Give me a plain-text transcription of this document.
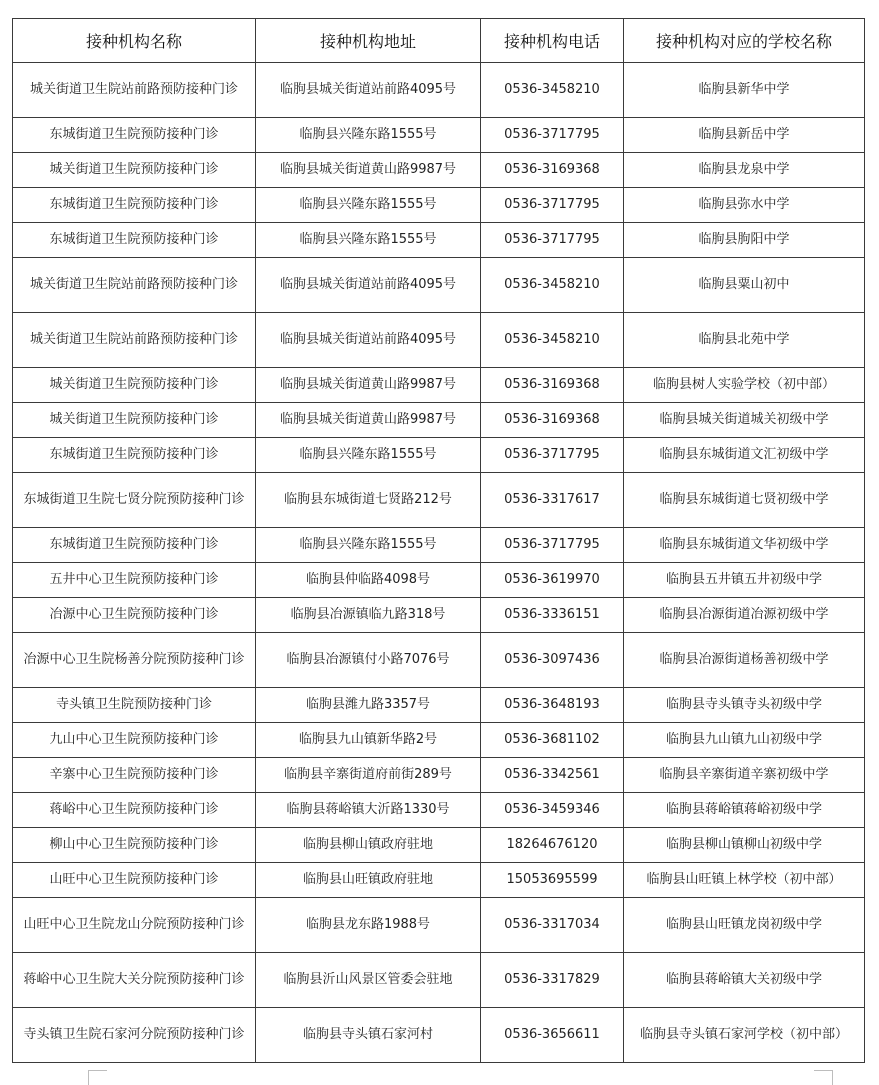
接种机构名称	接种机构地址	接种机构电话	接种机构对应的学校名称
城关街道卫生院站前路预防接种门诊	临朐县城关街道站前路4095号	0536-3458210	临朐县新华中学
东城街道卫生院预防接种门诊	临朐县兴隆东路1555号	0536-3717795	临朐县新岳中学
城关街道卫生院预防接种门诊	临朐县城关街道黄山路9987号	0536-3169368	临朐县龙泉中学
东城街道卫生院预防接种门诊	临朐县兴隆东路1555号	0536-3717795	临朐县弥水中学
东城街道卫生院预防接种门诊	临朐县兴隆东路1555号	0536-3717795	临朐县朐阳中学
城关街道卫生院站前路预防接种门诊	临朐县城关街道站前路4095号	0536-3458210	临朐县粟山初中
城关街道卫生院站前路预防接种门诊	临朐县城关街道站前路4095号	0536-3458210	临朐县北苑中学
城关街道卫生院预防接种门诊	临朐县城关街道黄山路9987号	0536-3169368	临朐县树人实验学校（初中部）
城关街道卫生院预防接种门诊	临朐县城关街道黄山路9987号	0536-3169368	临朐县城关街道城关初级中学
东城街道卫生院预防接种门诊	临朐县兴隆东路1555号	0536-3717795	临朐县东城街道文汇初级中学
东城街道卫生院七贤分院预防接种门诊	临朐县东城街道七贤路212号	0536-3317617	临朐县东城街道七贤初级中学
东城街道卫生院预防接种门诊	临朐县兴隆东路1555号	0536-3717795	临朐县东城街道文华初级中学
五井中心卫生院预防接种门诊	临朐县仲临路4098号	0536-3619970	临朐县五井镇五井初级中学
冶源中心卫生院预防接种门诊	临朐县冶源镇临九路318号	0536-3336151	临朐县冶源街道冶源初级中学
冶源中心卫生院杨善分院预防接种门诊	临朐县冶源镇付小路7076号	0536-3097436	临朐县冶源街道杨善初级中学
寺头镇卫生院预防接种门诊	临朐县潍九路3357号	0536-3648193	临朐县寺头镇寺头初级中学
九山中心卫生院预防接种门诊	临朐县九山镇新华路2号	0536-3681102	临朐县九山镇九山初级中学
辛寨中心卫生院预防接种门诊	临朐县辛寨街道府前街289号	0536-3342561	临朐县辛寨街道辛寨初级中学
蒋峪中心卫生院预防接种门诊	临朐县蒋峪镇大沂路1330号	0536-3459346	临朐县蒋峪镇蒋峪初级中学
柳山中心卫生院预防接种门诊	临朐县柳山镇政府驻地	18264676120	临朐县柳山镇柳山初级中学
山旺中心卫生院预防接种门诊	临朐县山旺镇政府驻地	15053695599	临朐县山旺镇上林学校（初中部）
山旺中心卫生院龙山分院预防接种门诊	临朐县龙东路1988号	0536-3317034	临朐县山旺镇龙岗初级中学
蒋峪中心卫生院大关分院预防接种门诊	临朐县沂山风景区管委会驻地	0536-3317829	临朐县蒋峪镇大关初级中学
寺头镇卫生院石家河分院预防接种门诊	临朐县寺头镇石家河村	0536-3656611	临朐县寺头镇石家河学校（初中部）
